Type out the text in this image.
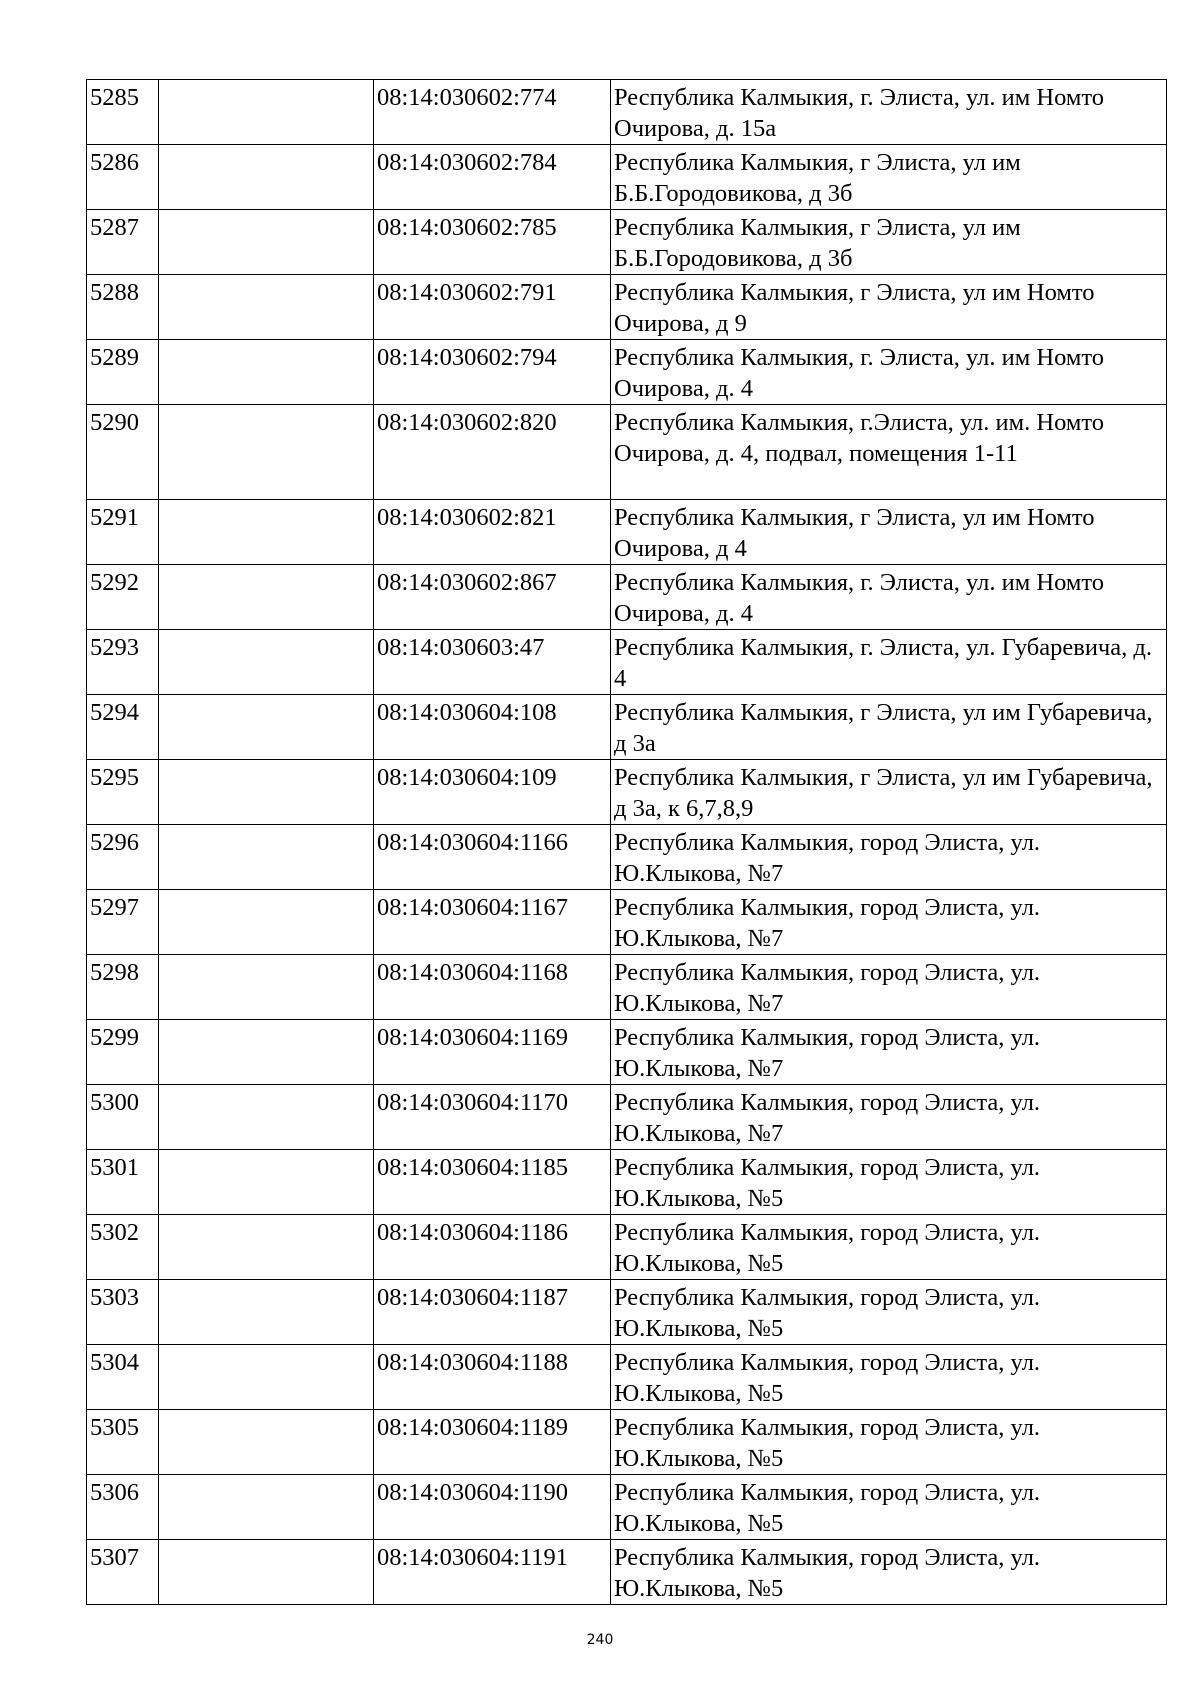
5285		08:14:030602:774	Республика Калмыкия, г. Элиста, ул. им Номто Очирова, д. 15а
5286		08:14:030602:784	Республика Калмыкия, г Элиста, ул им Б.Б.Городовикова, д 3б
5287		08:14:030602:785	Республика Калмыкия, г Элиста, ул им Б.Б.Городовикова, д 3б
5288		08:14:030602:791	Республика Калмыкия, г Элиста, ул им Номто Очирова, д 9
5289		08:14:030602:794	Республика Калмыкия, г. Элиста, ул. им Номто Очирова, д. 4
5290		08:14:030602:820	Республика Калмыкия, г.Элиста, ул. им. Номто Очирова, д. 4, подвал, помещения 1-11
5291		08:14:030602:821	Республика Калмыкия, г Элиста, ул им Номто Очирова, д 4
5292		08:14:030602:867	Республика Калмыкия, г. Элиста, ул. им Номто Очирова, д. 4
5293		08:14:030603:47	Республика Калмыкия, г. Элиста, ул. Губаревича, д. 4
5294		08:14:030604:108	Республика Калмыкия, г Элиста, ул им Губаревича, д 3а
5295		08:14:030604:109	Республика Калмыкия, г Элиста, ул им Губаревича, д 3а, к 6,7,8,9
5296		08:14:030604:1166	Республика Калмыкия, город Элиста, ул. Ю.Клыкова, №7
5297		08:14:030604:1167	Республика Калмыкия, город Элиста, ул. Ю.Клыкова, №7
5298		08:14:030604:1168	Республика Калмыкия, город Элиста, ул. Ю.Клыкова, №7
5299		08:14:030604:1169	Республика Калмыкия, город Элиста, ул. Ю.Клыкова, №7
5300		08:14:030604:1170	Республика Калмыкия, город Элиста, ул. Ю.Клыкова, №7
5301		08:14:030604:1185	Республика Калмыкия, город Элиста, ул. Ю.Клыкова, №5
5302		08:14:030604:1186	Республика Калмыкия, город Элиста, ул. Ю.Клыкова, №5
5303		08:14:030604:1187	Республика Калмыкия, город Элиста, ул. Ю.Клыкова, №5
5304		08:14:030604:1188	Республика Калмыкия, город Элиста, ул. Ю.Клыкова, №5
5305		08:14:030604:1189	Республика Калмыкия, город Элиста, ул. Ю.Клыкова, №5
5306		08:14:030604:1190	Республика Калмыкия, город Элиста, ул. Ю.Клыкова, №5
5307		08:14:030604:1191	Республика Калмыкия, город Элиста, ул. Ю.Клыкова, №5
240
